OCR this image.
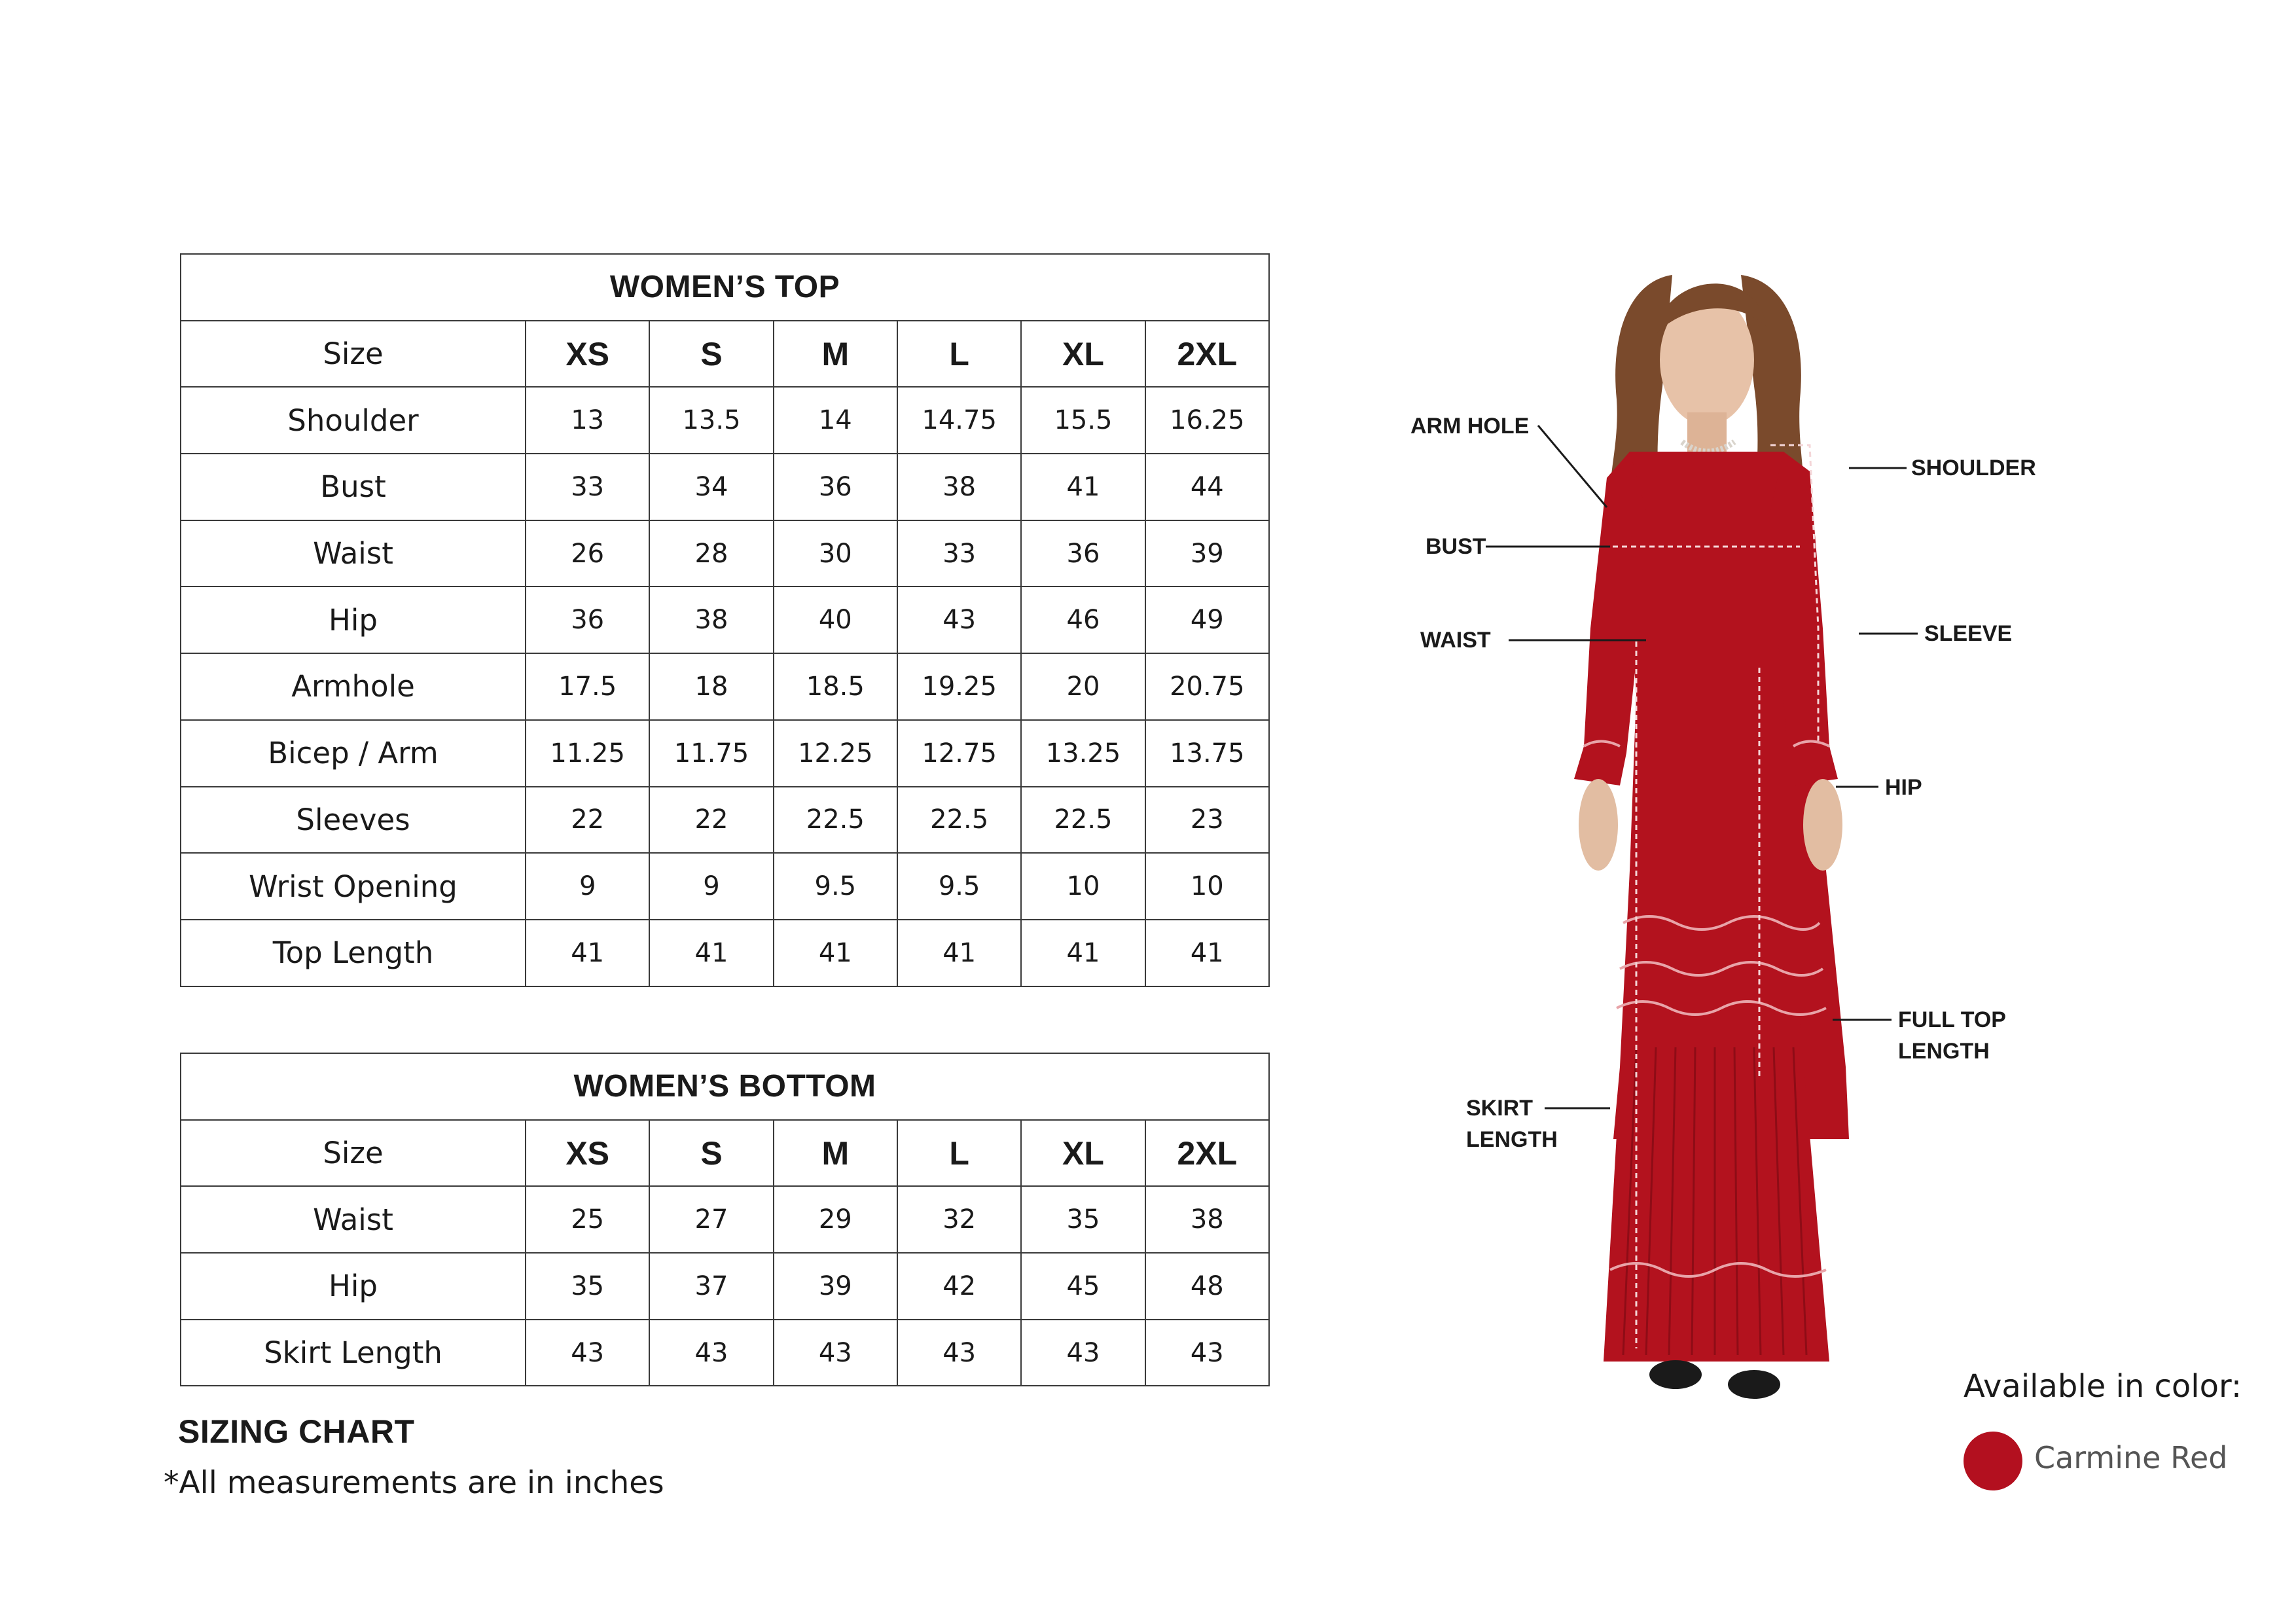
WOMEN’S TOP						
Size	XS	S	M	L	XL	2XL
Shoulder	13	13.5	14	14.75	15.5	16.25
Bust	33	34	36	38	41	44
Waist	26	28	30	33	36	39
Hip	36	38	40	43	46	49
Armhole	17.5	18	18.5	19.25	20	20.75
Bicep / Arm	11.25	11.75	12.25	12.75	13.25	13.75
Sleeves	22	22	22.5	22.5	22.5	23
Wrist Opening	9	9	9.5	9.5	10	10
Top Length	41	41	41	41	41	41
WOMEN’S BOTTOM						
Size	XS	S	M	L	XL	2XL
Waist	25	27	29	32	35	38
Hip	35	37	39	42	45	48
Skirt Length	43	43	43	43	43	43

SIZING CHART

*All measurements are in inches

ARM HOLE
BUST
WAIST
SHOULDER
SLEEVE
HIP
FULL TOP
LENGTH
SKIRT
LENGTH

Available in color:

Carmine Red
